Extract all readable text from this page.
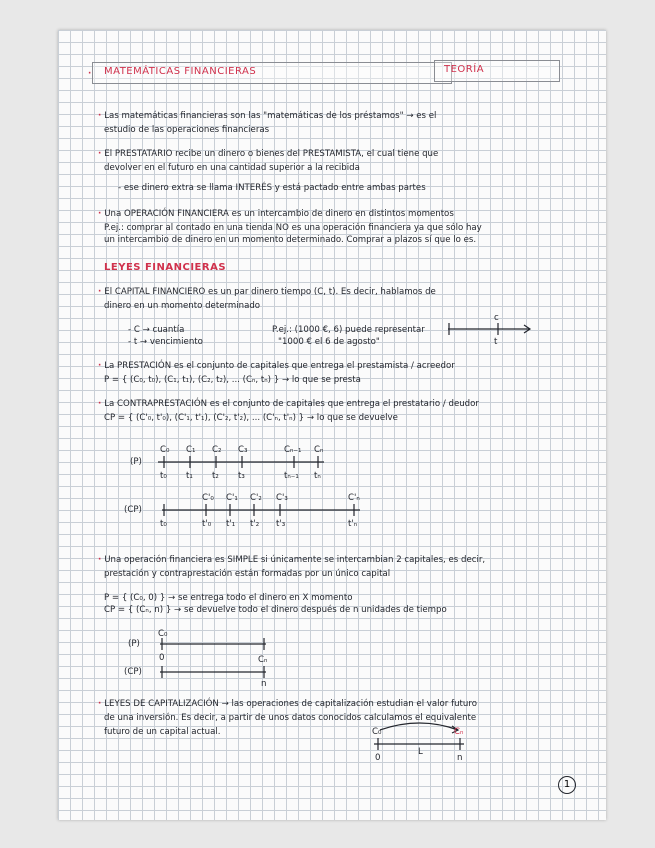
· MATEMÁTICAS FINANCIERAS	TEORÍA
· Las matemáticas financieras son las "matemáticas de los préstamos" → es el
estudio de las operaciones financieras
· El PRESTATARIO recibe un dinero o bienes del PRESTAMISTA, el cual tiene que
devolver en el futuro en una cantidad superior a la recibida
- ese dinero extra se llama INTERÉS y está pactado entre ambas partes
· Una OPERACIÓN FINANCIERA es un intercambio de dinero en distintos momentos
P.ej.: comprar al contado en una tienda NO es una operación financiera ya que sólo hay
un intercambio de dinero en un momento determinado. Comprar a plazos sí que lo es.
LEYES FINANCIERAS
· El CAPITAL FINANCIERO es un par dinero tiempo (C, t). Es decir, hablamos de
dinero en un momento determinado
- C → cuantía
- t → vencimiento
P.ej.: (1000 €, 6) puede representar
"1000 € el 6 de agosto"
c
t
· La PRESTACIÓN es el conjunto de capitales que entrega el prestamista / acreedor
P = { (C₀, t₀), (C₁, t₁), (C₂, t₂), ... (Cₙ, tₙ) } → lo que se presta
· La CONTRAPRESTACIÓN es el conjunto de capitales que entrega el prestatario / deudor
CP = { (C'₀, t'₀), (C'₁, t'₁), (C'₂, t'₂), ... (C'ₙ, t'ₙ) } → lo que se devuelve
(P)
C₀ C₁ C₂ C₃	Cₙ₋₁ Cₙ
t₀ t₁ t₂ t₃	tₙ₋₁ tₙ
(CP)
C'₀ C'₁ C'₂ C'₃	C'ₙ
t₀	t'₀ t'₁ t'₂ t'₃	t'ₙ
· Una operación financiera es SIMPLE si únicamente se intercambian 2 capitales, es decir,
prestación y contraprestación están formadas por un único capital
P = { (C₀, 0) } → se entrega todo el dinero en X momento
CP = { (Cₙ, n) } → se devuelve todo el dinero después de n unidades de tiempo
(P)
(CP)
C₀
Cₙ
0
n
· LEYES DE CAPITALIZACIÓN → las operaciones de capitalización estudian el valor futuro
de una inversión. Es decir, a partir de unos datos conocidos calculamos el equivalente
futuro de un capital actual.	C₀	Cₙ
L
0	n
1
